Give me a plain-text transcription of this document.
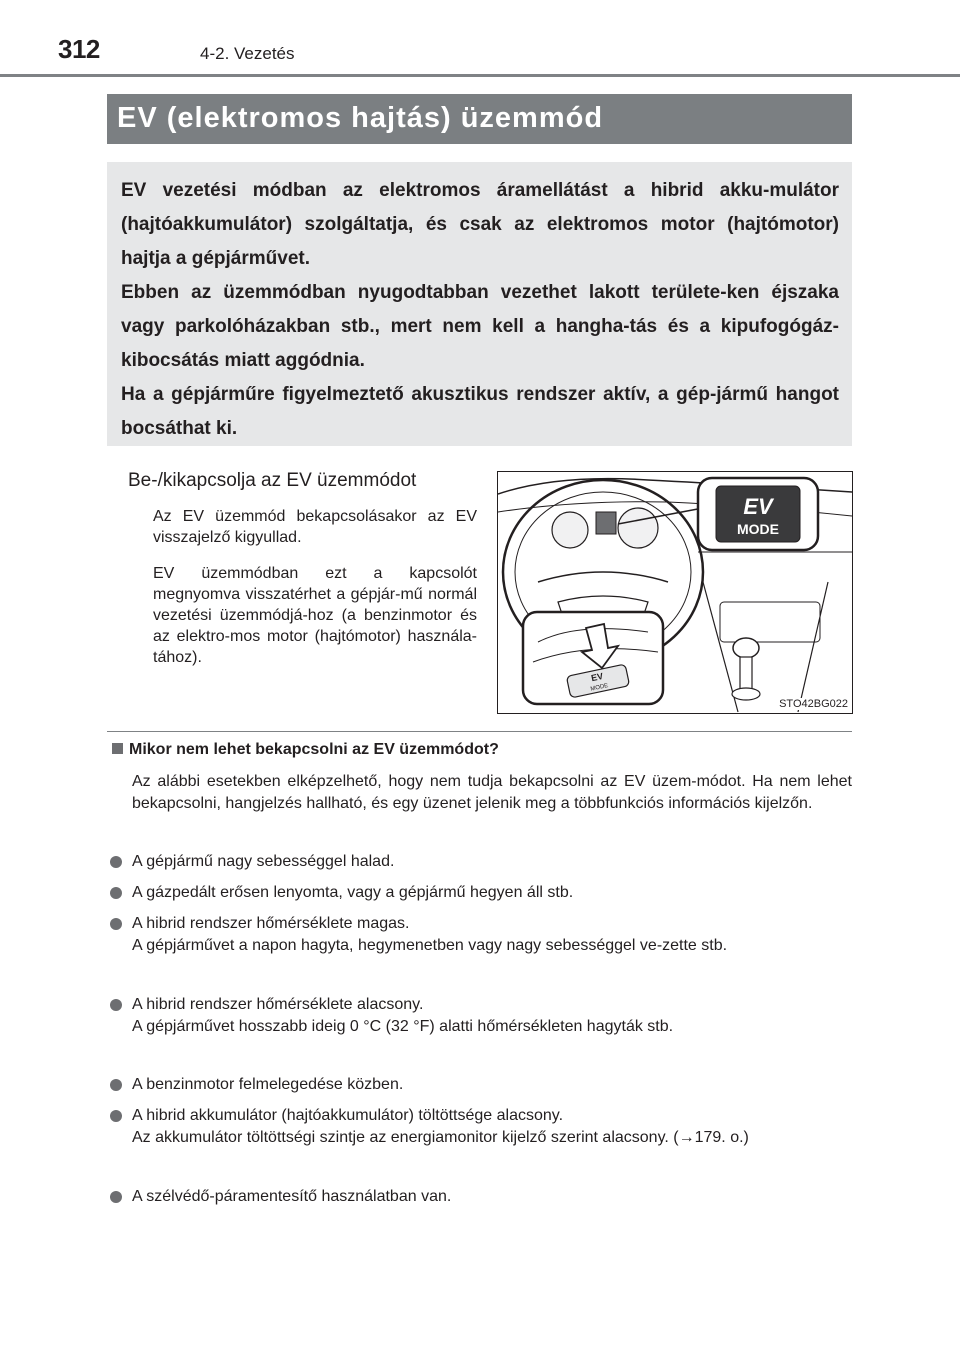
312	4-2. Vezetés
EV (elektromos hajtás) üzemmód

EV vezetési módban az elektromos áramellátást a hibrid akku-mulátor (hajtóakkumulátor) szolgáltatja, és csak az elektromos motor (hajtómotor) hajtja a gépjárművet.

Ebben az üzemmódban nyugodtabban vezethet lakott területe-ken éjszaka vagy parkolóházakban stb., mert nem kell a hangha-tás és a kipufogógáz-kibocsátás miatt aggódnia.

Ha a gépjárműre figyelmeztető akusztikus rendszer aktív, a gép-jármű hangot bocsáthat ki.

Be-/kikapcsolja az EV üzemmódot
Az EV üzemmód bekapcsolásakor az EV visszajelző kigyullad.
EV üzemmódban ezt a kapcsolót megnyomva visszatérhet a gépjár-mű normál vezetési üzemmódjá-hoz (a benzinmotor és az elektro-mos motor (hajtómotor) használa-tához).
EV
MODE
EV
MODE
STO42BG022
Mikor nem lehet bekapcsolni az EV üzemmódot?
Az alábbi esetekben elképzelhető, hogy nem tudja bekapcsolni az EV üzem-módot. Ha nem lehet bekapcsolni, hangjelzés hallható, és egy üzenet jelenik meg a többfunkciós információs kijelzőn.
A gépjármű nagy sebességgel halad.
A gázpedált erősen lenyomta, vagy a gépjármű hegyen áll stb.
A hibrid rendszer hőmérséklete magas.
A gépjárművet a napon hagyta, hegymenetben vagy nagy sebességgel ve-zette stb.
A hibrid rendszer hőmérséklete alacsony.
A gépjárművet hosszabb ideig 0 °C (32 °F) alatti hőmérsékleten hagyták stb.
A benzinmotor felmelegedése közben.
A hibrid akkumulátor (hajtóakkumulátor) töltöttsége alacsony.
Az akkumulátor töltöttségi szintje az energiamonitor kijelző szerint alacsony. (→179. o.)
A szélvédő-páramentesítő használatban van.
